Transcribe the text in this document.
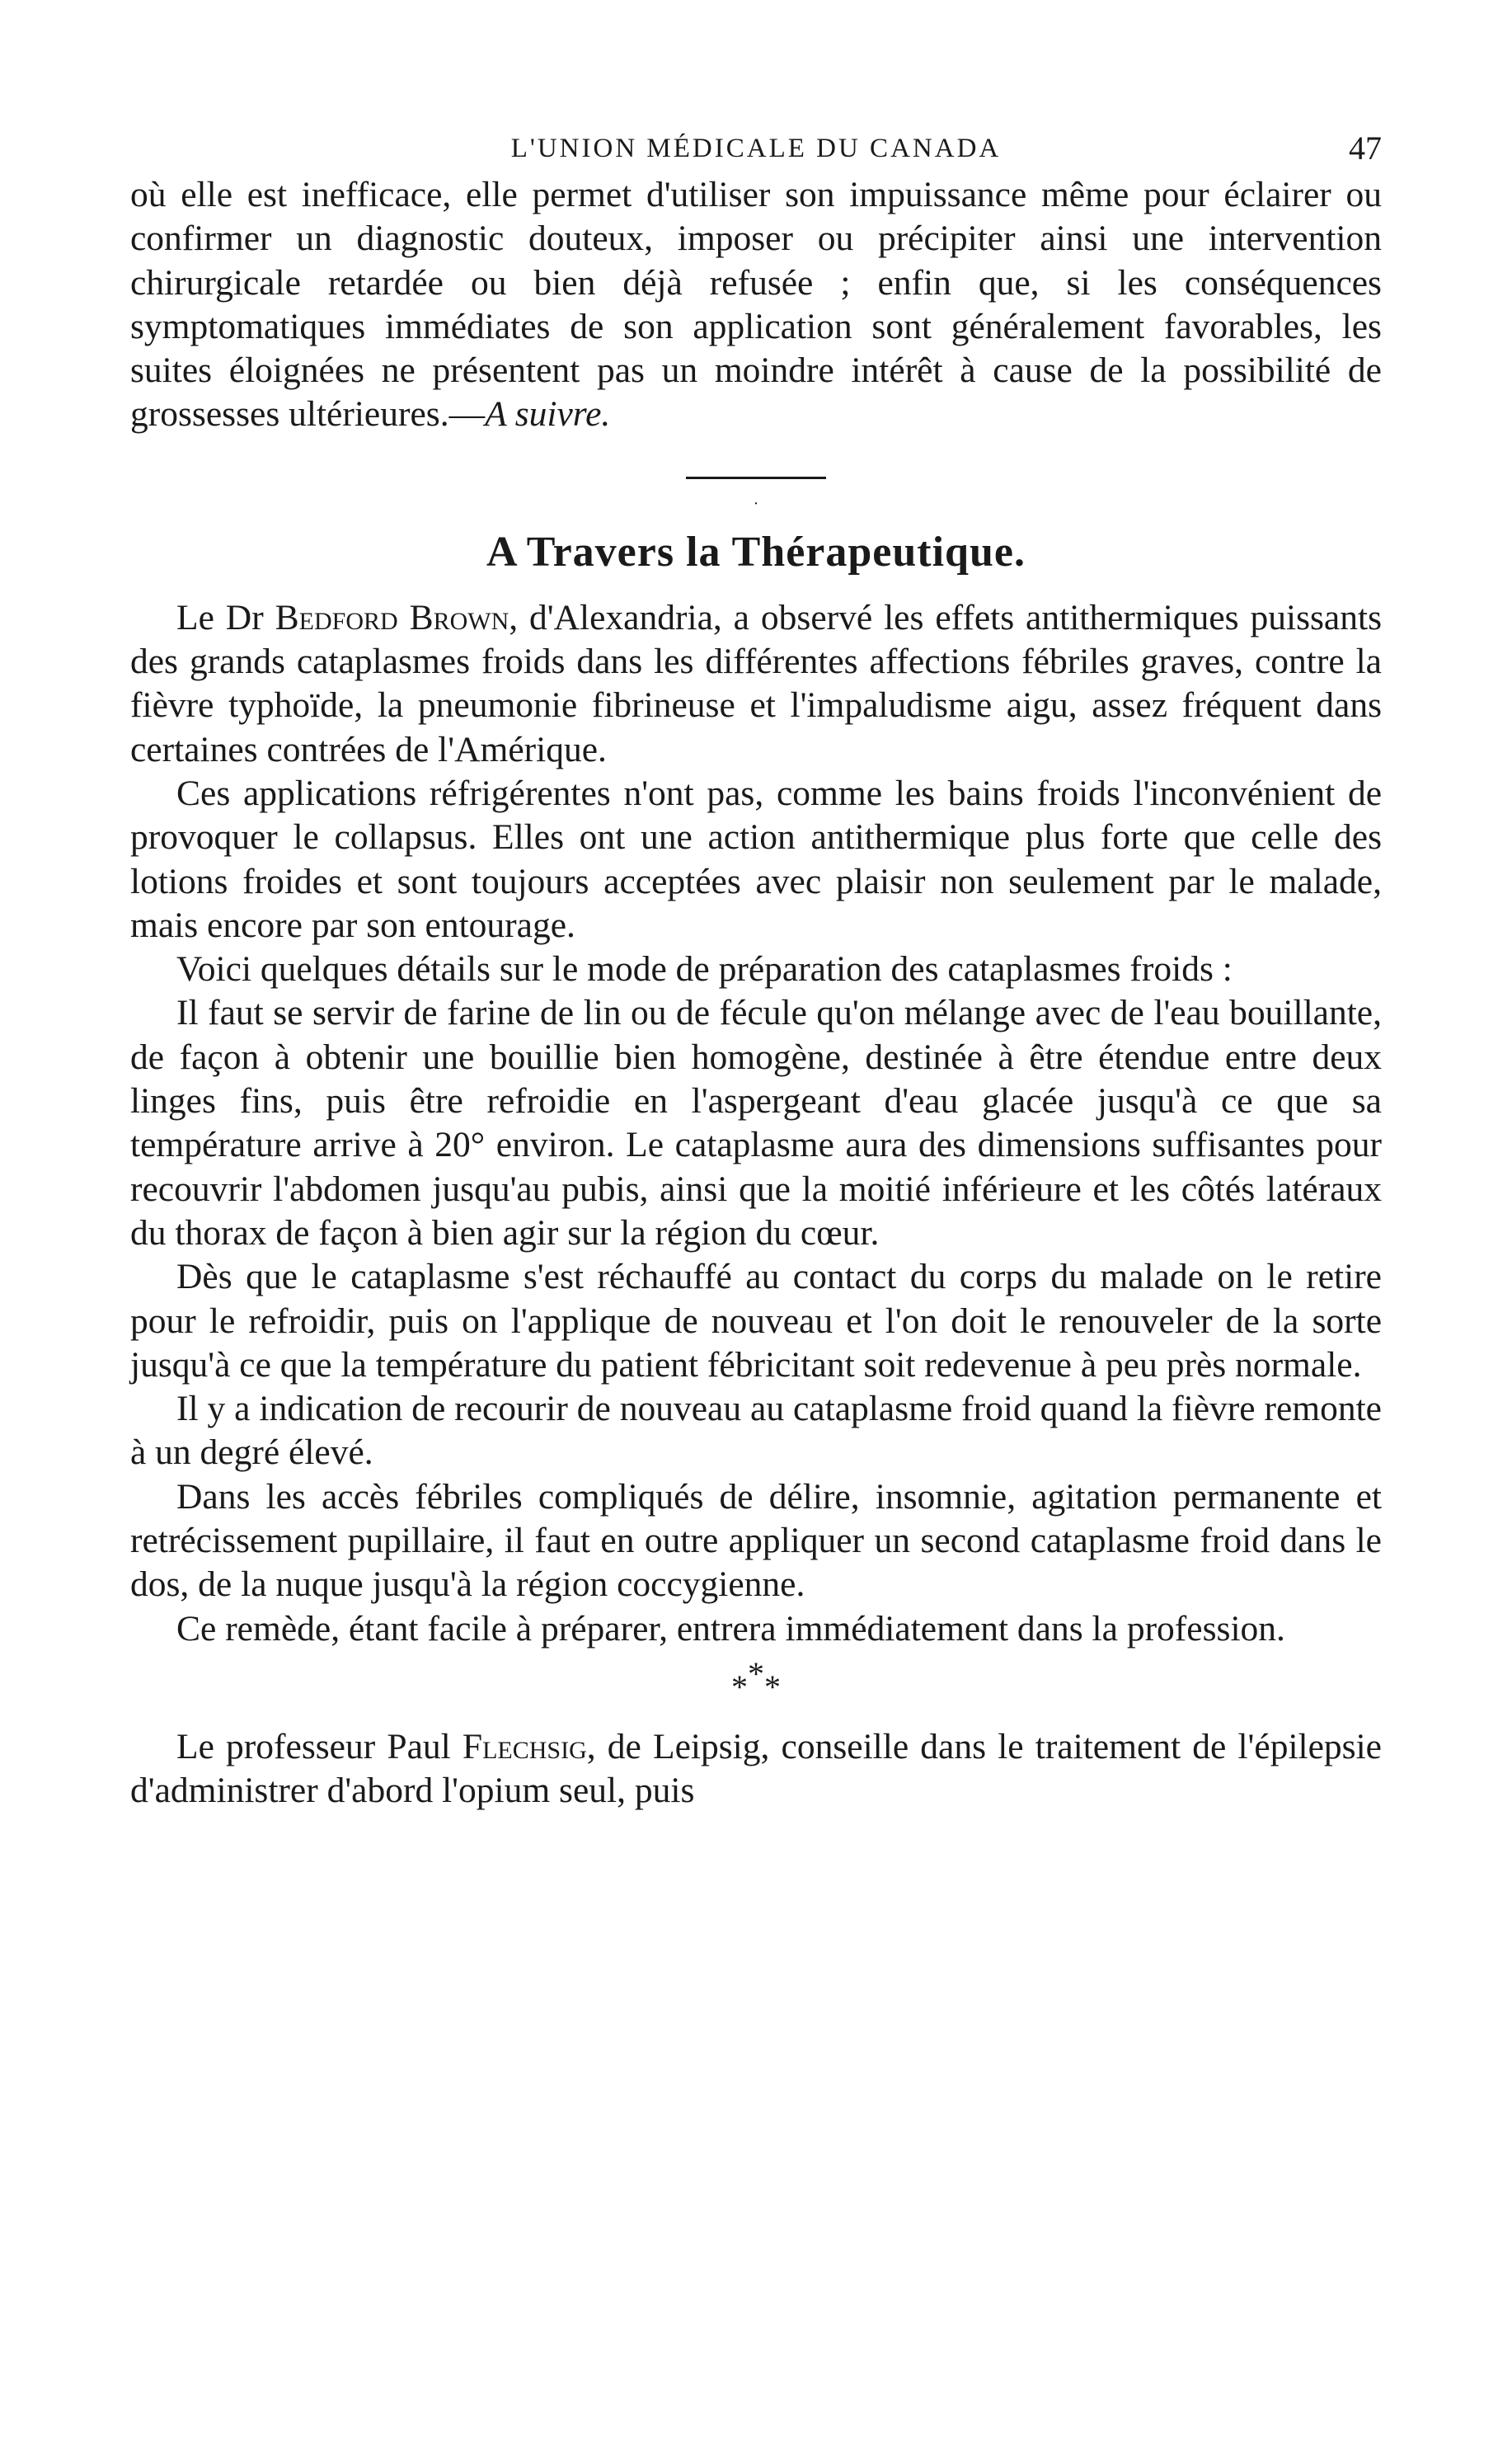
L'UNION MÉDICALE DU CANADA	47

où elle est inefficace, elle permet d'utiliser son impuissance même pour éclairer ou confirmer un diagnostic douteux, imposer ou précipiter ainsi une intervention chirurgicale retardée ou bien déjà refusée ; enfin que, si les conséquences symptomatiques immédiates de son application sont généralement favorables, les suites éloignées ne présentent pas un moindre intérêt à cause de la possibilité de grossesses ultérieures.—A suivre.

·
A Travers la Thérapeutique.

Le Dr Bedford Brown, d'Alexandria, a observé les effets antithermiques puissants des grands cataplasmes froids dans les différentes affections fébriles graves, contre la fièvre typhoïde, la pneumonie fibrineuse et l'impaludisme aigu, assez fréquent dans certaines contrées de l'Amérique.

Ces applications réfrigérentes n'ont pas, comme les bains froids l'inconvénient de provoquer le collapsus. Elles ont une action antithermique plus forte que celle des lotions froides et sont toujours acceptées avec plaisir non seulement par le malade, mais encore par son entourage.

Voici quelques détails sur le mode de préparation des cataplasmes froids :

Il faut se servir de farine de lin ou de fécule qu'on mélange avec de l'eau bouillante, de façon à obtenir une bouillie bien homogène, destinée à être étendue entre deux linges fins, puis être refroidie en l'aspergeant d'eau glacée jusqu'à ce que sa température arrive à 20° environ. Le cataplasme aura des dimensions suffisantes pour recouvrir l'abdomen jusqu'au pubis, ainsi que la moitié inférieure et les côtés latéraux du thorax de façon à bien agir sur la région du cœur.

Dès que le cataplasme s'est réchauffé au contact du corps du malade on le retire pour le refroidir, puis on l'applique de nouveau et l'on doit le renouveler de la sorte jusqu'à ce que la température du patient fébricitant soit redevenue à peu près normale.

Il y a indication de recourir de nouveau au cataplasme froid quand la fièvre remonte à un degré élevé.

Dans les accès fébriles compliqués de délire, insomnie, agitation permanente et retrécissement pupillaire, il faut en outre appliquer un second cataplasme froid dans le dos, de la nuque jusqu'à la région coccygienne.

Ce remède, étant facile à préparer, entrera immédiatement dans la profession.

***

Le professeur Paul Flechsig, de Leipsig, conseille dans le traitement de l'épilepsie d'administrer d'abord l'opium seul, puis
